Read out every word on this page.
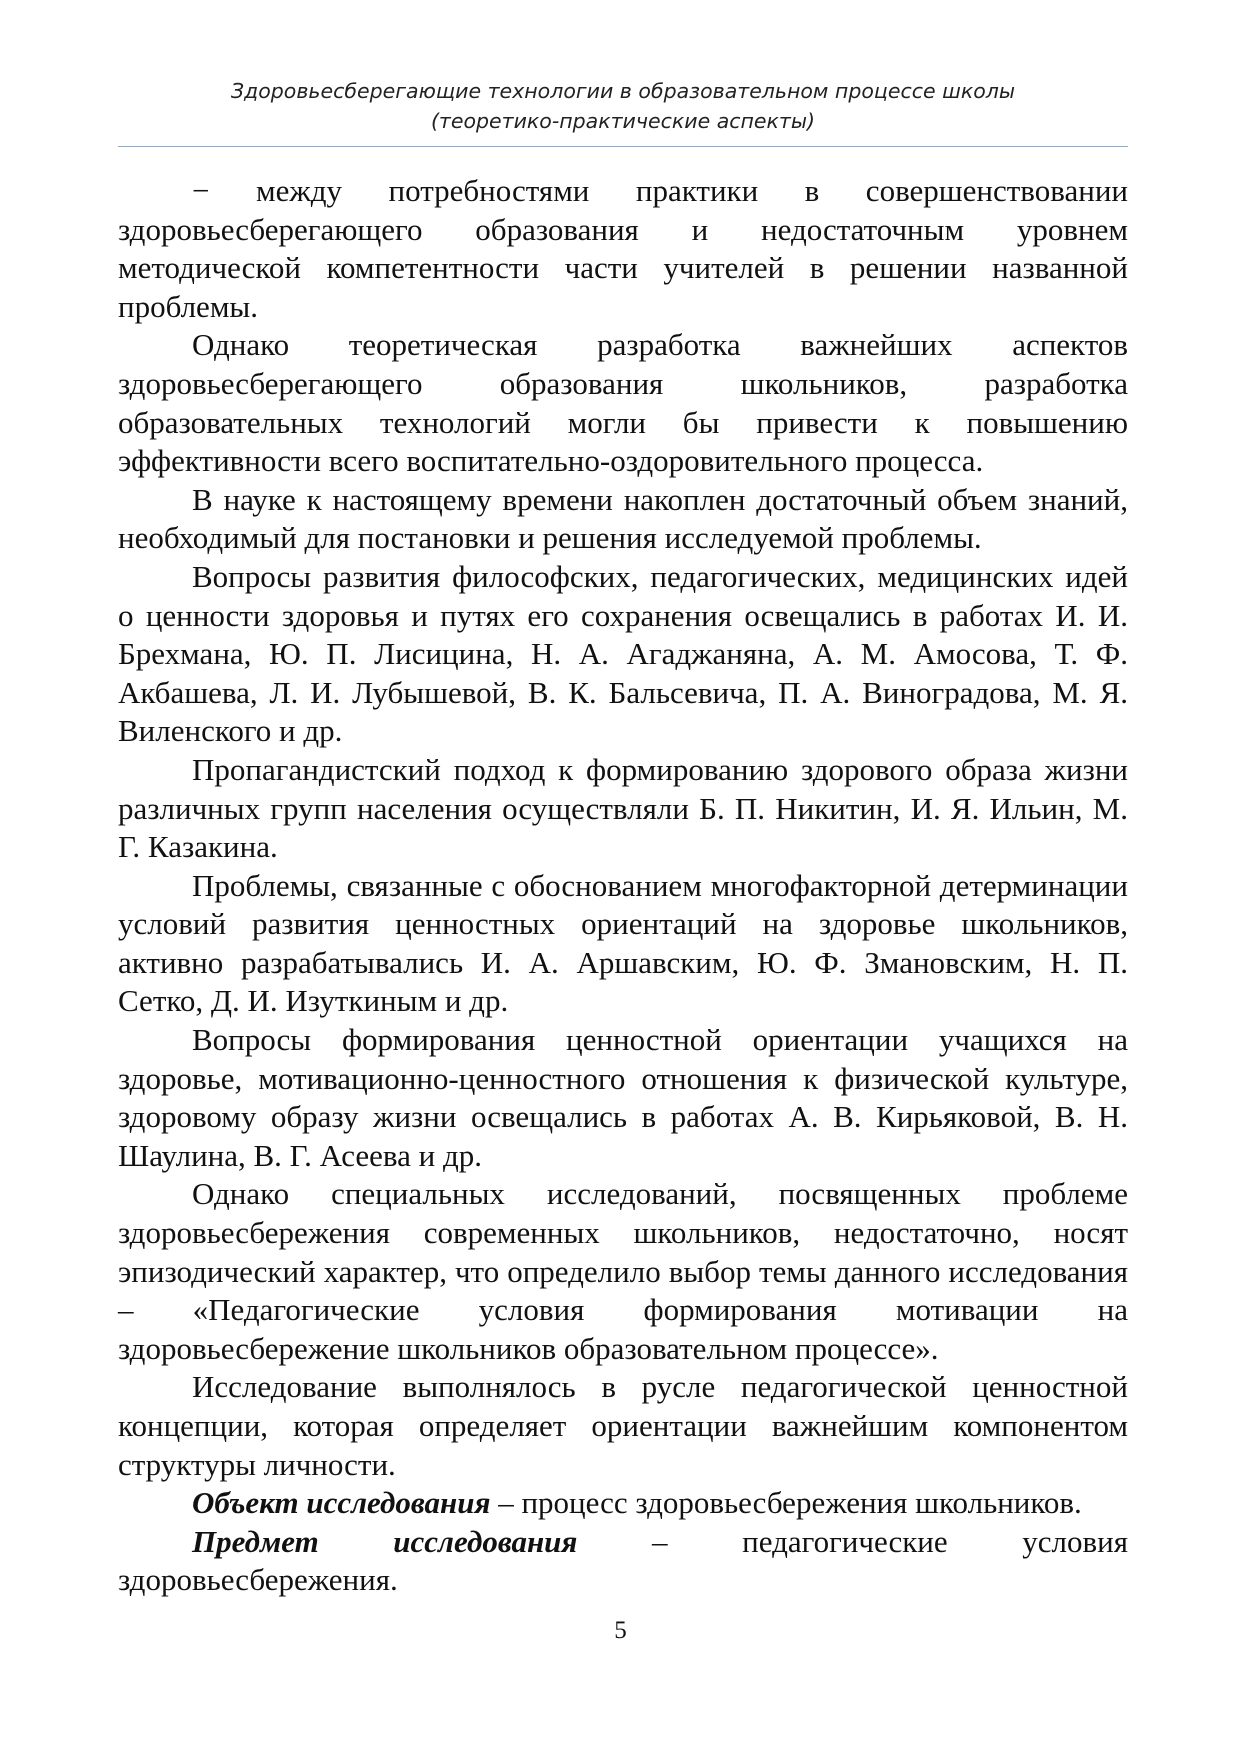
Здоровьесберегающие технологии в образовательном процессе школы
(теоретико-практические аспекты)

− между потребностями практики в совершенствовании здоровьесберегающего образования и недостаточным уровнем методической компетентности части учителей в решении названной проблемы.

Однако теоретическая разработка важнейших аспектов здоровьесберегающего образования школьников, разработка образовательных технологий могли бы привести к повышению эффективности всего воспитательно-оздоровительного процесса.

В науке к настоящему времени накоплен достаточный объем знаний, необходимый для постановки и решения исследуемой проблемы.

Вопросы развития философских, педагогических, медицинских идей о ценности здоровья и путях его сохранения освещались в работах И. И. Брехмана, Ю. П. Лисицина, Н. А. Агаджаняна, А. М. Амосова, Т. Ф. Акбашева, Л. И. Лубышевой, В. К. Бальсевича, П. А. Виноградова, М. Я. Виленского и др.

Пропагандистский подход к формированию здорового образа жизни различных групп населения осуществляли Б. П. Никитин, И. Я. Ильин, М. Г. Казакина.

Проблемы, связанные с обоснованием многофакторной детерминации условий развития ценностных ориентаций на здоровье школьников, активно разрабатывались И. А. Аршавским, Ю. Ф. Змановским, Н. П. Сетко, Д. И. Изуткиным и др.

Вопросы формирования ценностной ориентации учащихся на здоровье, мотивационно-ценностного отношения к физической культуре, здоровому образу жизни освещались в работах А. В. Кирьяковой, В. Н. Шаулина, В. Г. Асеева и др.

Однако специальных исследований, посвященных проблеме здоровьесбережения современных школьников, недостаточно, носят эпизодический характер, что определило выбор темы данного исследования – «Педагогические условия формирования мотивации на здоровьесбережение школьников образовательном процессе».

Исследование выполнялось в русле педагогической ценностной концепции, которая определяет ориентации важнейшим компонентом структуры личности.

Объект исследования – процесс здоровьесбережения школьников.

Предмет исследования – педагогические условия здоровьесбережения.

5
